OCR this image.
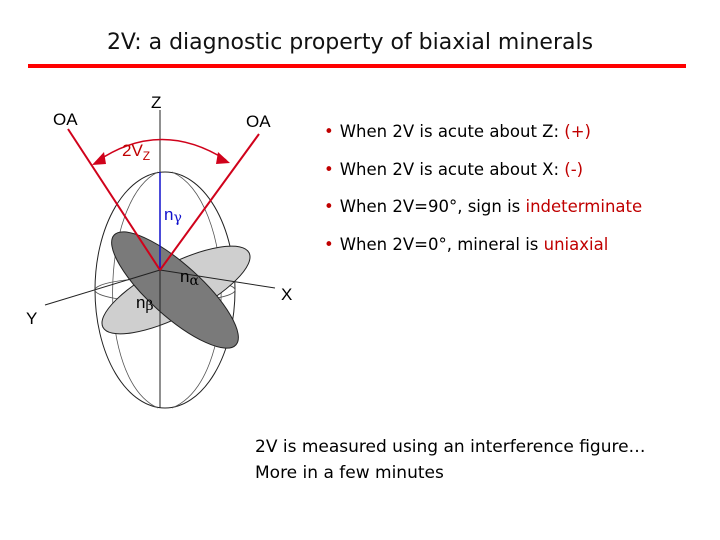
2V: a diagnostic property of biaxial minerals
Z
X
Y
OA	OA
$2V_Z$
nγ
nα
nβ
• When 2V is acute about Z: (+)
• When 2V is acute about X: (-)
• When 2V=90°, sign is indeterminate
• When 2V=0°, mineral is uniaxial
2V is measured using an interference figure…
More in a few minutes
